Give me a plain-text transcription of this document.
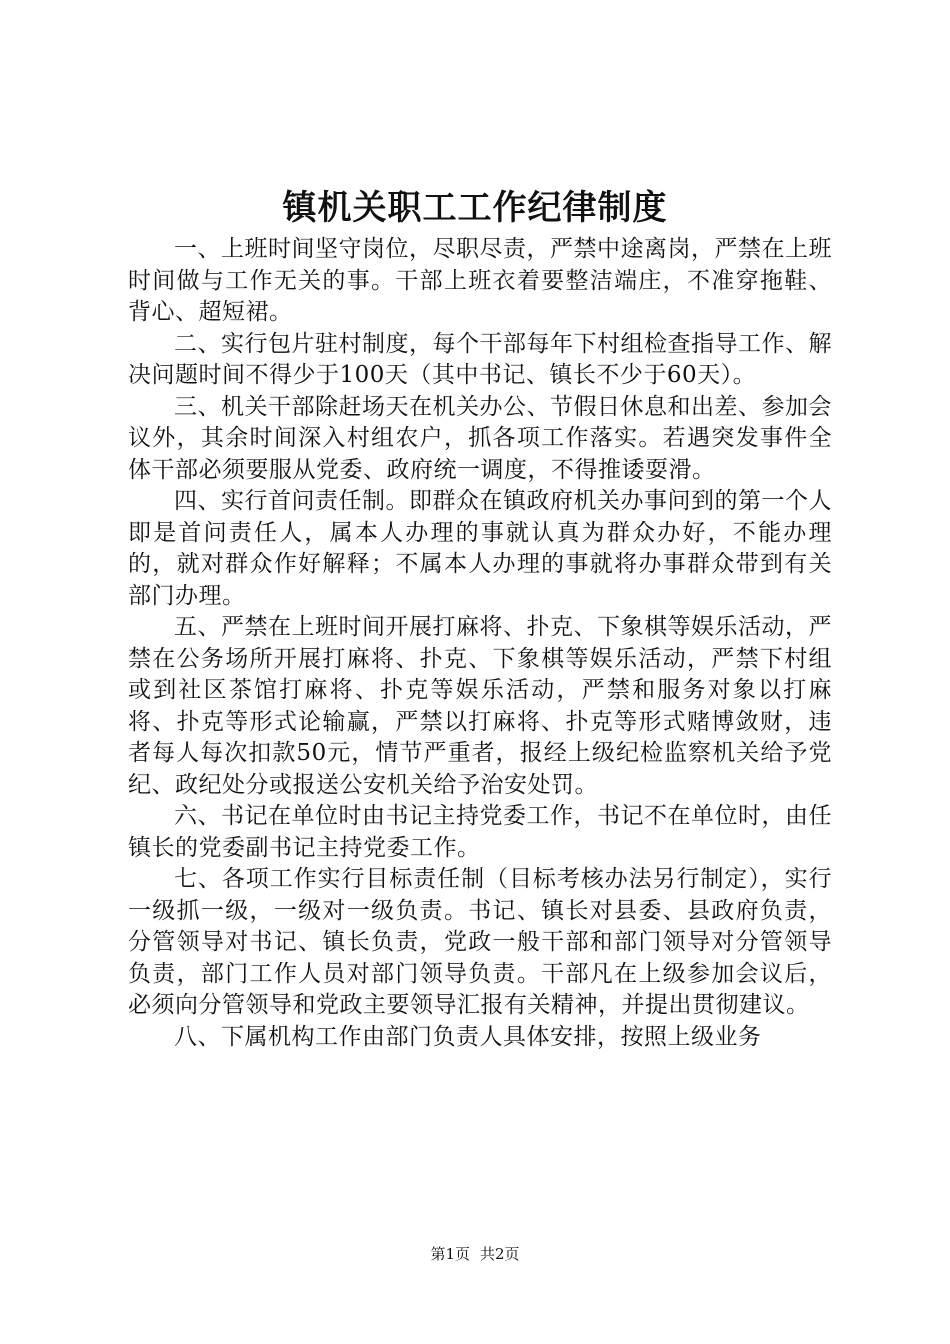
镇机关职工工作纪律制度

一、上班时间坚守岗位，尽职尽责，严禁中途离岗，严禁在上班时间做与工作无关的事。干部上班衣着要整洁端庄，不准穿拖鞋、背心、超短裙。

二、实行包片驻村制度，每个干部每年下村组检查指导工作、解决问题时间不得少于100天（其中书记、镇长不少于60天）。

三、机关干部除赶场天在机关办公、节假日休息和出差、参加会议外，其余时间深入村组农户，抓各项工作落实。若遇突发事件全体干部必须要服从党委、政府统一调度，不得推诿耍滑。

四、实行首问责任制。即群众在镇政府机关办事问到的第一个人即是首问责任人，属本人办理的事就认真为群众办好，不能办理的，就对群众作好解释；不属本人办理的事就将办事群众带到有关部门办理。

五、严禁在上班时间开展打麻将、扑克、下象棋等娱乐活动，严禁在公务场所开展打麻将、扑克、下象棋等娱乐活动，严禁下村组或到社区茶馆打麻将、扑克等娱乐活动，严禁和服务对象以打麻将、扑克等形式论输赢，严禁以打麻将、扑克等形式赌博敛财，违者每人每次扣款50元，情节严重者，报经上级纪检监察机关给予党纪、政纪处分或报送公安机关给予治安处罚。

六、书记在单位时由书记主持党委工作，书记不在单位时，由任镇长的党委副书记主持党委工作。

七、各项工作实行目标责任制（目标考核办法另行制定），实行一级抓一级，一级对一级负责。书记、镇长对县委、县政府负责，分管领导对书记、镇长负责，党政一般干部和部门领导对分管领导负责，部门工作人员对部门领导负责。干部凡在上级参加会议后，必须向分管领导和党政主要领导汇报有关精神，并提出贯彻建议。

八、下属机构工作由部门负责人具体安排，按照上级业务

第1页 共2页
